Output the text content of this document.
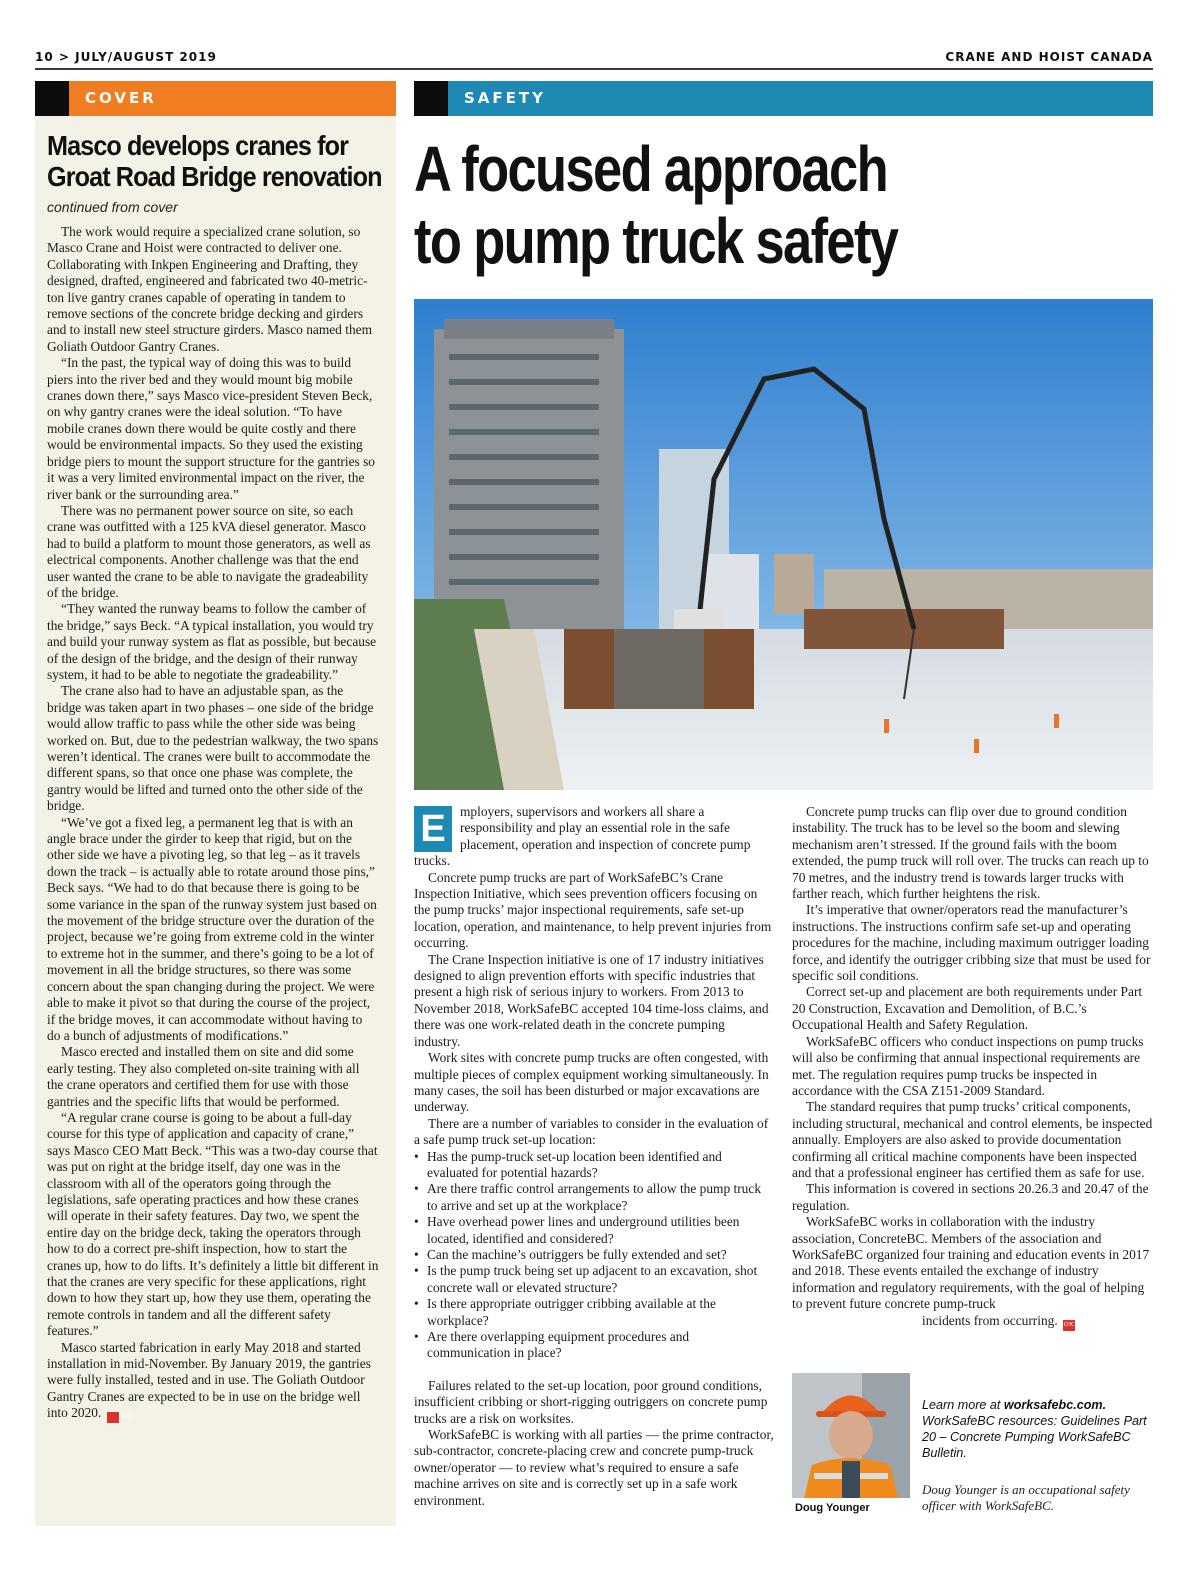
10 > JULY/AUGUST 2019	CRANE AND HOIST CANADA
COVER	SAFETY
Masco develops cranes for Groat Road Bridge renovation
continued from cover

The work would require a specialized crane solution, so Masco Crane and Hoist were contracted to deliver one. Collaborating with Inkpen Engineering and Drafting, they designed, drafted, engineered and fabricated two 40-metric-ton live gantry cranes capable of operating in tandem to remove sections of the concrete bridge decking and girders and to install new steel structure girders. Masco named them Goliath Outdoor Gantry Cranes.

“In the past, the typical way of doing this was to build piers into the river bed and they would mount big mobile cranes down there,” says Masco vice-president Steven Beck, on why gantry cranes were the ideal solution. “To have mobile cranes down there would be quite costly and there would be environmental impacts. So they used the existing bridge piers to mount the support structure for the gantries so it was a very limited environmental impact on the river, the river bank or the surrounding area.”

There was no permanent power source on site, so each crane was outfitted with a 125 kVA diesel generator. Masco had to build a platform to mount those generators, as well as electrical components. Another challenge was that the end user wanted the crane to be able to navigate the gradeability of the bridge.

“They wanted the runway beams to follow the camber of the bridge,” says Beck. “A typical installation, you would try and build your runway system as flat as possible, but because of the design of the bridge, and the design of their runway system, it had to be able to negotiate the gradeability.”

The crane also had to have an adjustable span, as the bridge was taken apart in two phases – one side of the bridge would allow traffic to pass while the other side was being worked on. But, due to the pedestrian walkway, the two spans weren’t identical. The cranes were built to accommodate the different spans, so that once one phase was complete, the gantry would be lifted and turned onto the other side of the bridge.

“We’ve got a fixed leg, a permanent leg that is with an angle brace under the girder to keep that rigid, but on the other side we have a pivoting leg, so that leg – as it travels down the track – is actually able to rotate around those pins,” Beck says. “We had to do that because there is going to be some variance in the span of the runway system just based on the movement of the bridge structure over the duration of the project, because we’re going from extreme cold in the winter to extreme hot in the summer, and there’s going to be a lot of movement in all the bridge structures, so there was some concern about the span changing during the project. We were able to make it pivot so that during the course of the project, if the bridge moves, it can accommodate without having to do a bunch of adjustments of modifications.”

Masco erected and installed them on site and did some early testing. They also completed on-site training with all the crane operators and certified them for use with those gantries and the specific lifts that would be performed.

“A regular crane course is going to be about a full-day course for this type of application and capacity of crane,” says Masco CEO Matt Beck. “This was a two-day course that was put on right at the bridge itself, day one was in the classroom with all of the operators going through the legislations, safe operating practices and how these cranes will operate in their safety features. Day two, we spent the entire day on the bridge deck, taking the operators through how to do a correct pre-shift inspection, how to start the cranes up, how to do lifts. It’s definitely a little bit different in that the cranes are very specific for these applications, right down to how they start up, how they use them, operating the remote controls in tandem and all the different safety features.”

Masco started fabrication in early May 2018 and started installation in mid-November. By January 2019, the gantries were fully installed, tested and in use. The Goliath Outdoor Gantry Cranes are expected to be in use on the bridge well into 2020.	CHC

A focused approach
to pump truck safety

E	mployers, supervisors and workers all share a responsibility and play an essential role in the safe placement, operation and inspection of concrete pump trucks.

Concrete pump trucks are part of WorkSafeBC’s Crane Inspection Initiative, which sees prevention officers focusing on the pump trucks’ major inspectional requirements, safe set-up location, operation, and maintenance, to help prevent injuries from occurring.

The Crane Inspection initiative is one of 17 industry initiatives designed to align prevention efforts with specific industries that present a high risk of serious injury to workers. From 2013 to November 2018, WorkSafeBC accepted 104 time-loss claims, and there was one work-related death in the concrete pumping industry.

Work sites with concrete pump trucks are often congested, with multiple pieces of complex equipment working simultaneously. In many cases, the soil has been disturbed or major excavations are underway.

There are a number of variables to consider in the evaluation of a safe pump truck set-up location:

• Has the pump-truck set-up location been identified and evaluated for potential hazards?
• Are there traffic control arrangements to allow the pump truck to arrive and set up at the workplace?
• Have overhead power lines and underground utilities been located, identified and considered?
• Can the machine’s outriggers be fully extended and set?
• Is the pump truck being set up adjacent to an excavation, shot concrete wall or elevated structure?
• Is there appropriate outrigger cribbing available at the workplace?
• Are there overlapping equipment procedures and communication in place?

Failures related to the set-up location, poor ground conditions, insufficient cribbing or short-rigging outriggers on concrete pump trucks are a risk on worksites.

WorkSafeBC is working with all parties — the prime contractor, sub-contractor, concrete-placing crew and concrete pump-truck owner/operator — to review what’s required to ensure a safe machine arrives on site and is correctly set up in a safe work environment.

Concrete pump trucks can flip over due to ground condition instability. The truck has to be level so the boom and slewing mechanism aren’t stressed. If the ground fails with the boom extended, the pump truck will roll over. The trucks can reach up to 70 metres, and the industry trend is towards larger trucks with farther reach, which further heightens the risk.

It’s imperative that owner/operators read the manufacturer’s instructions. The instructions confirm safe set-up and operating procedures for the machine, including maximum outrigger loading force, and identify the outrigger cribbing size that must be used for specific soil conditions.

Correct set-up and placement are both requirements under Part 20 Construction, Excavation and Demolition, of B.C.’s Occupational Health and Safety Regulation.

WorkSafeBC officers who conduct inspections on pump trucks will also be confirming that annual inspectional requirements are met. The regulation requires pump trucks be inspected in accordance with the CSA Z151-2009 Standard.

The standard requires that pump trucks’ critical components, including structural, mechanical and control elements, be inspected annually. Employers are also asked to provide documentation confirming all critical machine components have been inspected and that a professional engineer has certified them as safe for use.

This information is covered in sections 20.26.3 and 20.47 of the regulation.

WorkSafeBC works in collaboration with the industry association, ConcreteBC. Members of the association and WorkSafeBC organized four training and education events in 2017 and 2018. These events entailed the exchange of industry information and regulatory requirements, with the goal of helping to prevent future concrete pump-truck

incidents from occurring. CHC
Doug Younger
Learn more at worksafebc.com. WorkSafeBC resources: Guidelines Part 20 – Concrete Pumping WorkSafeBC Bulletin.
Doug Younger is an occupational safety officer with WorkSafeBC.
